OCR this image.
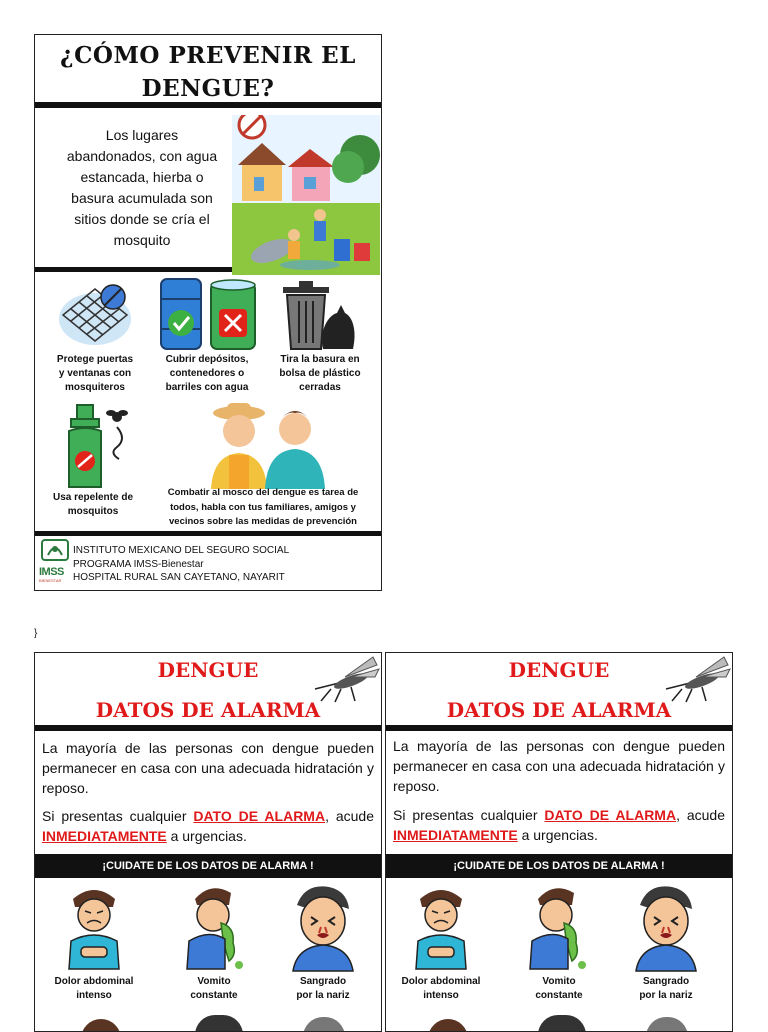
¿CÓMO PREVENIR EL
DENGUE?
Los lugares
abandonados, con agua
estancada, hierba o
basura acumulada son
sitios donde se cría el
mosquito
Protege puertas
y ventanas con
mosquiteros
Cubrir depósitos,
contenedores o
barriles con agua
Tira la basura en
bolsa de plástico
cerradas
Usa repelente de
mosquitos
Combatir al mosco del dengue es tarea de
todos, habla con tus familiares, amigos y
vecinos sobre las medidas de prevención
IMSS
BIENESTAR
INSTITUTO MEXICANO DEL SEGURO SOCIAL
PROGRAMA IMSS-Bienestar
HOSPITAL RURAL SAN CAYETANO, NAYARIT
}
DENGUE
DATOS DE ALARMA
La mayoría de las personas con dengue pueden permanecer en casa con una adecuada hidratación y reposo.
Si presentas cualquier DATO DE ALARMA, acude INMEDIATAMENTE a urgencias.
¡CUIDATE DE LOS DATOS DE ALARMA !
Dolor abdominal
intenso
Vomito
constante
Sangrado
por la nariz
DENGUE
DATOS DE ALARMA
La mayoría de las personas con dengue pueden permanecer en casa con una adecuada hidratación y reposo.
Si presentas cualquier DATO DE ALARMA, acude INMEDIATAMENTE a urgencias.
¡CUIDATE DE LOS DATOS DE ALARMA !
Dolor abdominal
intenso
Vomito
constante
Sangrado
por la nariz
